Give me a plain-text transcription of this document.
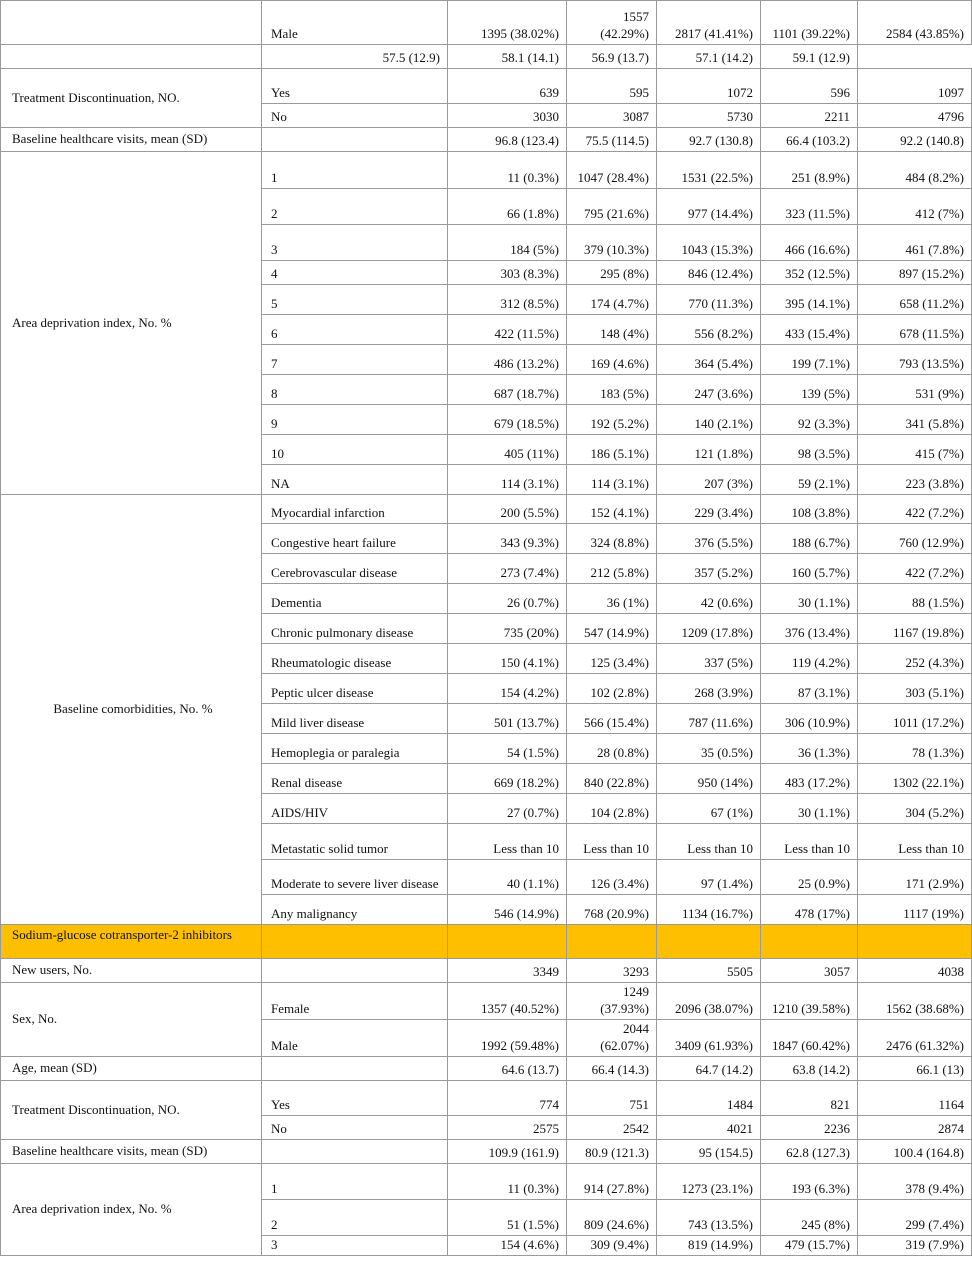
	Male	1395 (38.02%)	1557 (42.29%)	2817 (41.41%)	1101 (39.22%)	2584 (43.85%)
	57.5 (12.9)	58.1 (14.1)	56.9 (13.7)	57.1 (14.2)	59.1 (12.9)	
Treatment Discontinuation, NO.	Yes	639	595	1072	596	1097
	No	3030	3087	5730	2211	4796
Baseline healthcare visits, mean (SD)		96.8 (123.4)	75.5 (114.5)	92.7 (130.8)	66.4 (103.2)	92.2 (140.8)
Area deprivation index, No. %	1	11 (0.3%)	1047 (28.4%)	1531 (22.5%)	251 (8.9%)	484 (8.2%)
	2	66 (1.8%)	795 (21.6%)	977 (14.4%)	323 (11.5%)	412 (7%)
	3	184 (5%)	379 (10.3%)	1043 (15.3%)	466 (16.6%)	461 (7.8%)
	4	303 (8.3%)	295 (8%)	846 (12.4%)	352 (12.5%)	897 (15.2%)
	5	312 (8.5%)	174 (4.7%)	770 (11.3%)	395 (14.1%)	658 (11.2%)
	6	422 (11.5%)	148 (4%)	556 (8.2%)	433 (15.4%)	678 (11.5%)
	7	486 (13.2%)	169 (4.6%)	364 (5.4%)	199 (7.1%)	793 (13.5%)
	8	687 (18.7%)	183 (5%)	247 (3.6%)	139 (5%)	531 (9%)
	9	679 (18.5%)	192 (5.2%)	140 (2.1%)	92 (3.3%)	341 (5.8%)
	10	405 (11%)	186 (5.1%)	121 (1.8%)	98 (3.5%)	415 (7%)
	NA	114 (3.1%)	114 (3.1%)	207 (3%)	59 (2.1%)	223 (3.8%)
Baseline comorbidities, No. %	Myocardial infarction	200 (5.5%)	152 (4.1%)	229 (3.4%)	108 (3.8%)	422 (7.2%)
	Congestive heart failure	343 (9.3%)	324 (8.8%)	376 (5.5%)	188 (6.7%)	760 (12.9%)
	Cerebrovascular disease	273 (7.4%)	212 (5.8%)	357 (5.2%)	160 (5.7%)	422 (7.2%)
	Dementia	26 (0.7%)	36 (1%)	42 (0.6%)	30 (1.1%)	88 (1.5%)
	Chronic pulmonary disease	735 (20%)	547 (14.9%)	1209 (17.8%)	376 (13.4%)	1167 (19.8%)
	Rheumatologic disease	150 (4.1%)	125 (3.4%)	337 (5%)	119 (4.2%)	252 (4.3%)
	Peptic ulcer disease	154 (4.2%)	102 (2.8%)	268 (3.9%)	87 (3.1%)	303 (5.1%)
	Mild liver disease	501 (13.7%)	566 (15.4%)	787 (11.6%)	306 (10.9%)	1011 (17.2%)
	Hemoplegia or paralegia	54 (1.5%)	28 (0.8%)	35 (0.5%)	36 (1.3%)	78 (1.3%)
	Renal disease	669 (18.2%)	840 (22.8%)	950 (14%)	483 (17.2%)	1302 (22.1%)
	AIDS/HIV	27 (0.7%)	104 (2.8%)	67 (1%)	30 (1.1%)	304 (5.2%)
	Metastatic solid tumor	Less than 10	Less than 10	Less than 10	Less than 10	Less than 10
	Moderate to severe liver disease	40 (1.1%)	126 (3.4%)	97 (1.4%)	25 (0.9%)	171 (2.9%)
	Any malignancy	546 (14.9%)	768 (20.9%)	1134 (16.7%)	478 (17%)	1117 (19%)
Sodium-glucose cotransporter-2 inhibitors						
New users, No.		3349	3293	5505	3057	4038
Sex, No.	Female	1357 (40.52%)	1249 (37.93%)	2096 (38.07%)	1210 (39.58%)	1562 (38.68%)
	Male	1992 (59.48%)	2044 (62.07%)	3409 (61.93%)	1847 (60.42%)	2476 (61.32%)
Age, mean (SD)		64.6 (13.7)	66.4 (14.3)	64.7 (14.2)	63.8 (14.2)	66.1 (13)
Treatment Discontinuation, NO.	Yes	774	751	1484	821	1164
	No	2575	2542	4021	2236	2874
Baseline healthcare visits, mean (SD)		109.9 (161.9)	80.9 (121.3)	95 (154.5)	62.8 (127.3)	100.4 (164.8)
Area deprivation index, No. %	1	11 (0.3%)	914 (27.8%)	1273 (23.1%)	193 (6.3%)	378 (9.4%)
	2	51 (1.5%)	809 (24.6%)	743 (13.5%)	245 (8%)	299 (7.4%)
	3	154 (4.6%)	309 (9.4%)	819 (14.9%)	479 (15.7%)	319 (7.9%)
